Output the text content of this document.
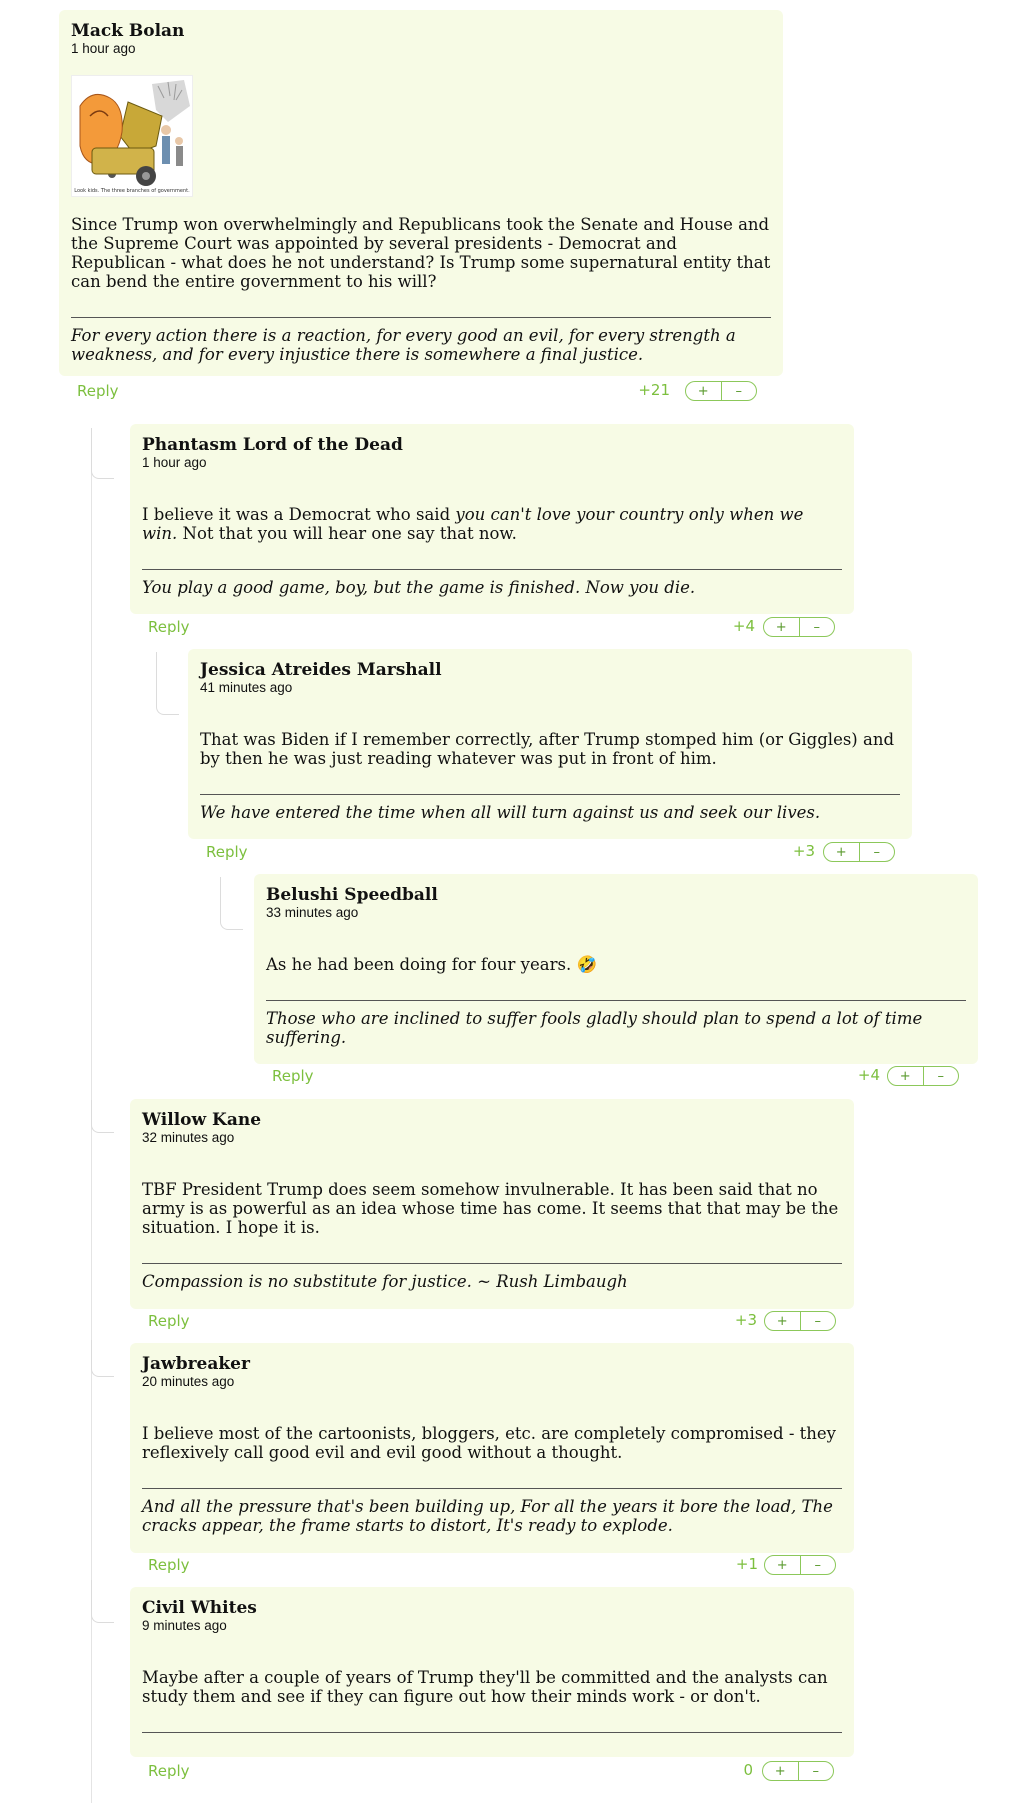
Mack Bolan
1 hour ago
Look kids. The three branches of government.
Since Trump won overwhelmingly and Republicans took the Senate and House and the Supreme Court was appointed by several presidents - Democrat and Republican - what does he not understand? Is Trump some supernatural entity that can bend the entire government to his will?
For every action there is a reaction, for every good an evil, for every strength a weakness, and for every injustice there is somewhere a final justice.
Reply	+21	+	–
Phantasm Lord of the Dead
1 hour ago
I believe it was a Democrat who said you can't love your country only when we win. Not that you will hear one say that now.
You play a good game, boy, but the game is finished. Now you die.
Reply	+4	+	–
Jessica Atreides Marshall
41 minutes ago
That was Biden if I remember correctly, after Trump stomped him (or Giggles) and by then he was just reading whatever was put in front of him.
We have entered the time when all will turn against us and seek our lives.
Reply	+3	+	–
Belushi Speedball
33 minutes ago
As he had been doing for four years. 🤣
Those who are inclined to suffer fools gladly should plan to spend a lot of time suffering.
Reply	+4	+	–
Willow Kane
32 minutes ago
TBF President Trump does seem somehow invulnerable. It has been said that no army is as powerful as an idea whose time has come. It seems that that may be the situation. I hope it is.
Compassion is no substitute for justice. ~ Rush Limbaugh
Reply	+3	+	–
Jawbreaker
20 minutes ago
I believe most of the cartoonists, bloggers, etc. are completely compromised - they reflexively call good evil and evil good without a thought.
And all the pressure that's been building up, For all the years it bore the load, The cracks appear, the frame starts to distort, It's ready to explode.
Reply	+1	+	–
Civil Whites
9 minutes ago
Maybe after a couple of years of Trump they'll be committed and the analysts can study them and see if they can figure out how their minds work - or don't.
Reply	0	+	–
